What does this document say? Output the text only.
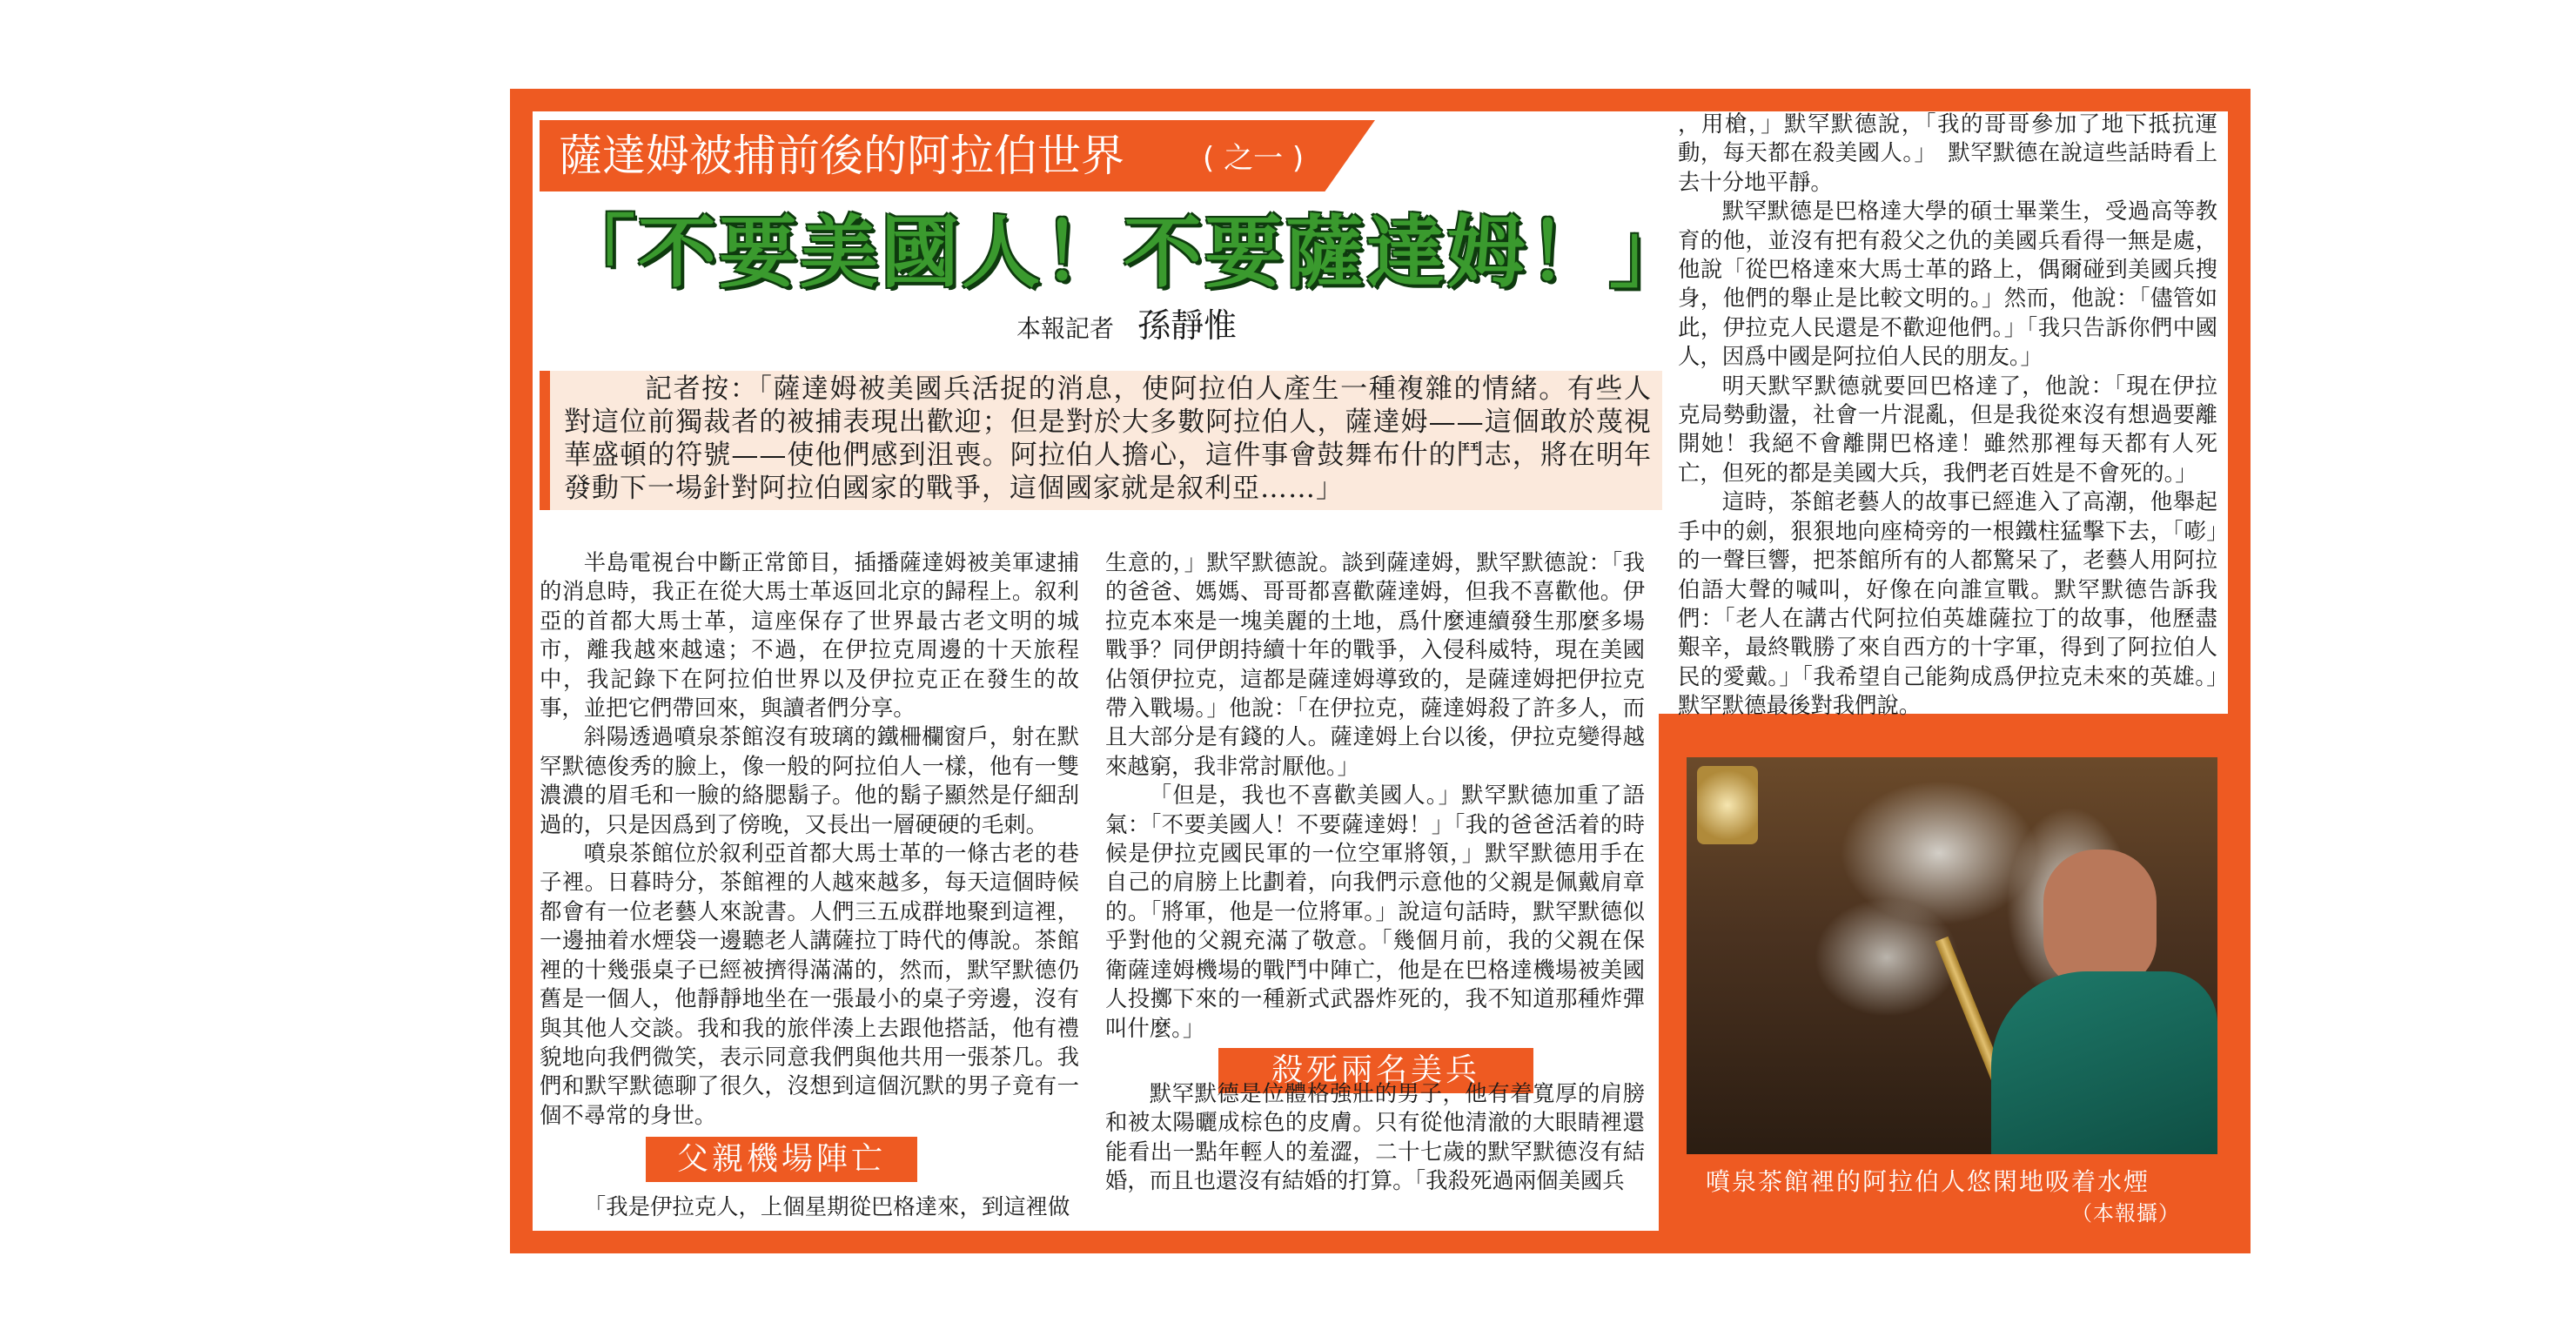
薩達姆被捕前後的阿拉伯世界	( 之一 )
「不要美國人！不要薩達姆！」
本報記者 孫靜惟

記者按：「薩達姆被美國兵活捉的消息，使阿拉伯人產生一種複雜的情緒。有些人對這位前獨裁者的被捕表現出歡迎；但是對於大多數阿拉伯人，薩達姆——這個敢於蔑視華盛頓的符號——使他們感到沮喪。阿拉伯人擔心，這件事會鼓舞布什的鬥志，將在明年發動下一場針對阿拉伯國家的戰爭，這個國家就是叙利亞……」

半島電視台中斷正常節目，插播薩達姆被美軍逮捕的消息時，我正在從大馬士革返回北京的歸程上。叙利亞的首都大馬士革，這座保存了世界最古老文明的城市，離我越來越遠；不過，在伊拉克周邊的十天旅程中，我記錄下在阿拉伯世界以及伊拉克正在發生的故事，並把它們帶回來，與讀者們分享。

斜陽透過噴泉茶館沒有玻璃的鐵柵欄窗戶，射在默罕默德俊秀的臉上，像一般的阿拉伯人一樣，他有一雙濃濃的眉毛和一臉的絡腮鬍子。他的鬍子顯然是仔細刮過的，只是因爲到了傍晚，又長出一層硬硬的毛刺。

噴泉茶館位於叙利亞首都大馬士革的一條古老的巷子裡。日暮時分，茶館裡的人越來越多，每天這個時候都會有一位老藝人來說書。人們三五成群地聚到這裡，一邊抽着水煙袋一邊聽老人講薩拉丁時代的傳說。茶館裡的十幾張桌子已經被擠得滿滿的，然而，默罕默德仍舊是一個人，他靜靜地坐在一張最小的桌子旁邊，沒有與其他人交談。我和我的旅伴湊上去跟他搭話，他有禮貌地向我們微笑，表示同意我們與他共用一張茶几。我們和默罕默德聊了很久，沒想到這個沉默的男子竟有一個不尋常的身世。

父親機場陣亡

「我是伊拉克人，上個星期從巴格達來，到這裡做

生意的，」默罕默德說。談到薩達姆，默罕默德說：「我的爸爸、媽媽、哥哥都喜歡薩達姆，但我不喜歡他。伊拉克本來是一塊美麗的土地，爲什麼連續發生那麼多場戰爭？同伊朗持續十年的戰爭，入侵科威特，現在美國佔領伊拉克，這都是薩達姆導致的，是薩達姆把伊拉克帶入戰場。」他說：「在伊拉克，薩達姆殺了許多人，而且大部分是有錢的人。薩達姆上台以後，伊拉克變得越來越窮，我非常討厭他。」

「但是，我也不喜歡美國人。」默罕默德加重了語氣：「不要美國人！不要薩達姆！」「我的爸爸活着的時候是伊拉克國民軍的一位空軍將領，」默罕默德用手在自己的肩膀上比劃着，向我們示意他的父親是佩戴肩章的。「將軍，他是一位將軍。」說這句話時，默罕默德似乎對他的父親充滿了敬意。「幾個月前，我的父親在保衛薩達姆機場的戰鬥中陣亡，他是在巴格達機場被美國人投擲下來的一種新式武器炸死的，我不知道那種炸彈叫什麼。」

殺死兩名美兵

默罕默德是位體格強壯的男子，他有着寬厚的肩膀和被太陽曬成棕色的皮膚。只有從他清澈的大眼睛裡還能看出一點年輕人的羞澀，二十七歲的默罕默德沒有結婚，而且也還沒有結婚的打算。「我殺死過兩個美國兵

，用槍，」默罕默德說，「我的哥哥參加了地下抵抗運動，每天都在殺美國人。」　默罕默德在說這些話時看上去十分地平靜。

默罕默德是巴格達大學的碩士畢業生，受過高等教育的他，並沒有把有殺父之仇的美國兵看得一無是處，他說「從巴格達來大馬士革的路上，偶爾碰到美國兵搜身，他們的舉止是比較文明的。」然而，他說：「儘管如此，伊拉克人民還是不歡迎他們。」「我只告訴你們中國人，因爲中國是阿拉伯人民的朋友。」

明天默罕默德就要回巴格達了，他說：「現在伊拉克局勢動盪，社會一片混亂，但是我從來沒有想過要離開她！我絕不會離開巴格達！雖然那裡每天都有人死亡，但死的都是美國大兵，我們老百姓是不會死的。」

這時，茶館老藝人的故事已經進入了高潮，他舉起手中的劍，狠狠地向座椅旁的一根鐵柱猛擊下去，「嘭」的一聲巨響，把茶館所有的人都驚呆了，老藝人用阿拉伯語大聲的喊叫，好像在向誰宣戰。默罕默德告訴我們：「老人在講古代阿拉伯英雄薩拉丁的故事，他歷盡艱辛，最終戰勝了來自西方的十字軍，得到了阿拉伯人民的愛戴。」「我希望自己能夠成爲伊拉克未來的英雄。」默罕默德最後對我們說。

噴泉茶館裡的阿拉伯人悠閑地吸着水煙
（本報攝）
